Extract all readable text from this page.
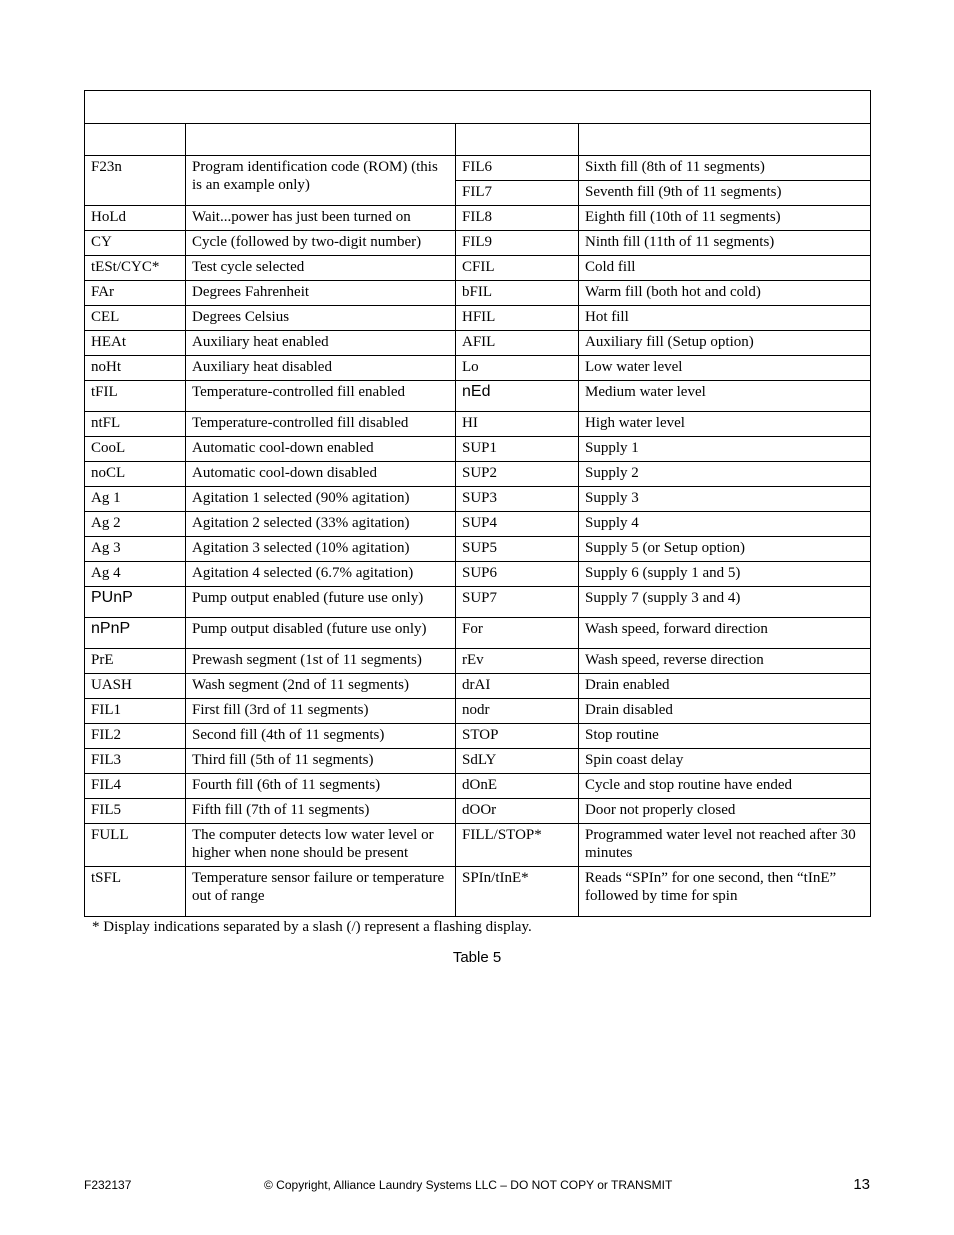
F23n	Program identification code (ROM) (this is an example only)	FIL6	Sixth fill (8th of 11 segments)
		FIL7	Seventh fill (9th of 11 segments)
HoLd	Wait...power has just been turned on	FIL8	Eighth fill (10th of 11 segments)
CY	Cycle (followed by two-digit number)	FIL9	Ninth fill (11th of 11 segments)
tESt/CYC*	Test cycle selected	CFIL	Cold fill
FAr	Degrees Fahrenheit	bFIL	Warm fill (both hot and cold)
CEL	Degrees Celsius	HFIL	Hot fill
HEAt	Auxiliary heat enabled	AFIL	Auxiliary fill (Setup option)
noHt	Auxiliary heat disabled	Lo	Low water level
tFIL	Temperature-controlled fill enabled	nEd	Medium water level
ntFL	Temperature-controlled fill disabled	HI	High water level
CooL	Automatic cool-down enabled	SUP1	Supply 1
noCL	Automatic cool-down disabled	SUP2	Supply 2
Ag 1	Agitation 1 selected (90% agitation)	SUP3	Supply 3
Ag 2	Agitation 2 selected (33% agitation)	SUP4	Supply 4
Ag 3	Agitation 3 selected (10% agitation)	SUP5	Supply 5 (or Setup option)
Ag 4	Agitation 4 selected (6.7% agitation)	SUP6	Supply 6 (supply 1 and 5)
PUnP	Pump output enabled (future use only)	SUP7	Supply 7 (supply 3 and 4)
nPnP	Pump output disabled (future use only)	For	Wash speed, forward direction
PrE	Prewash segment (1st of 11 segments)	rEv	Wash speed, reverse direction
UASH	Wash segment (2nd of 11 segments)	drAI	Drain enabled
FIL1	First fill (3rd of 11 segments)	nodr	Drain disabled
FIL2	Second fill (4th of 11 segments)	STOP	Stop routine
FIL3	Third fill (5th of 11 segments)	SdLY	Spin coast delay
FIL4	Fourth fill (6th of 11 segments)	dOnE	Cycle and stop routine have ended
FIL5	Fifth fill (7th of 11 segments)	dOOr	Door not properly closed
FULL	The computer detects low water level or higher when none should be present	FILL/STOP*	Programmed water level not reached after 30 minutes
tSFL	Temperature sensor failure or temperature out of range	SPIn/tInE*	Reads “SPIn” for one second, then “tInE” followed by time for spin
* Display indications separated by a slash (/) represent a flashing display.
Table 5
F232137	© Copyright, Alliance Laundry Systems LLC – DO NOT COPY or TRANSMIT	13
